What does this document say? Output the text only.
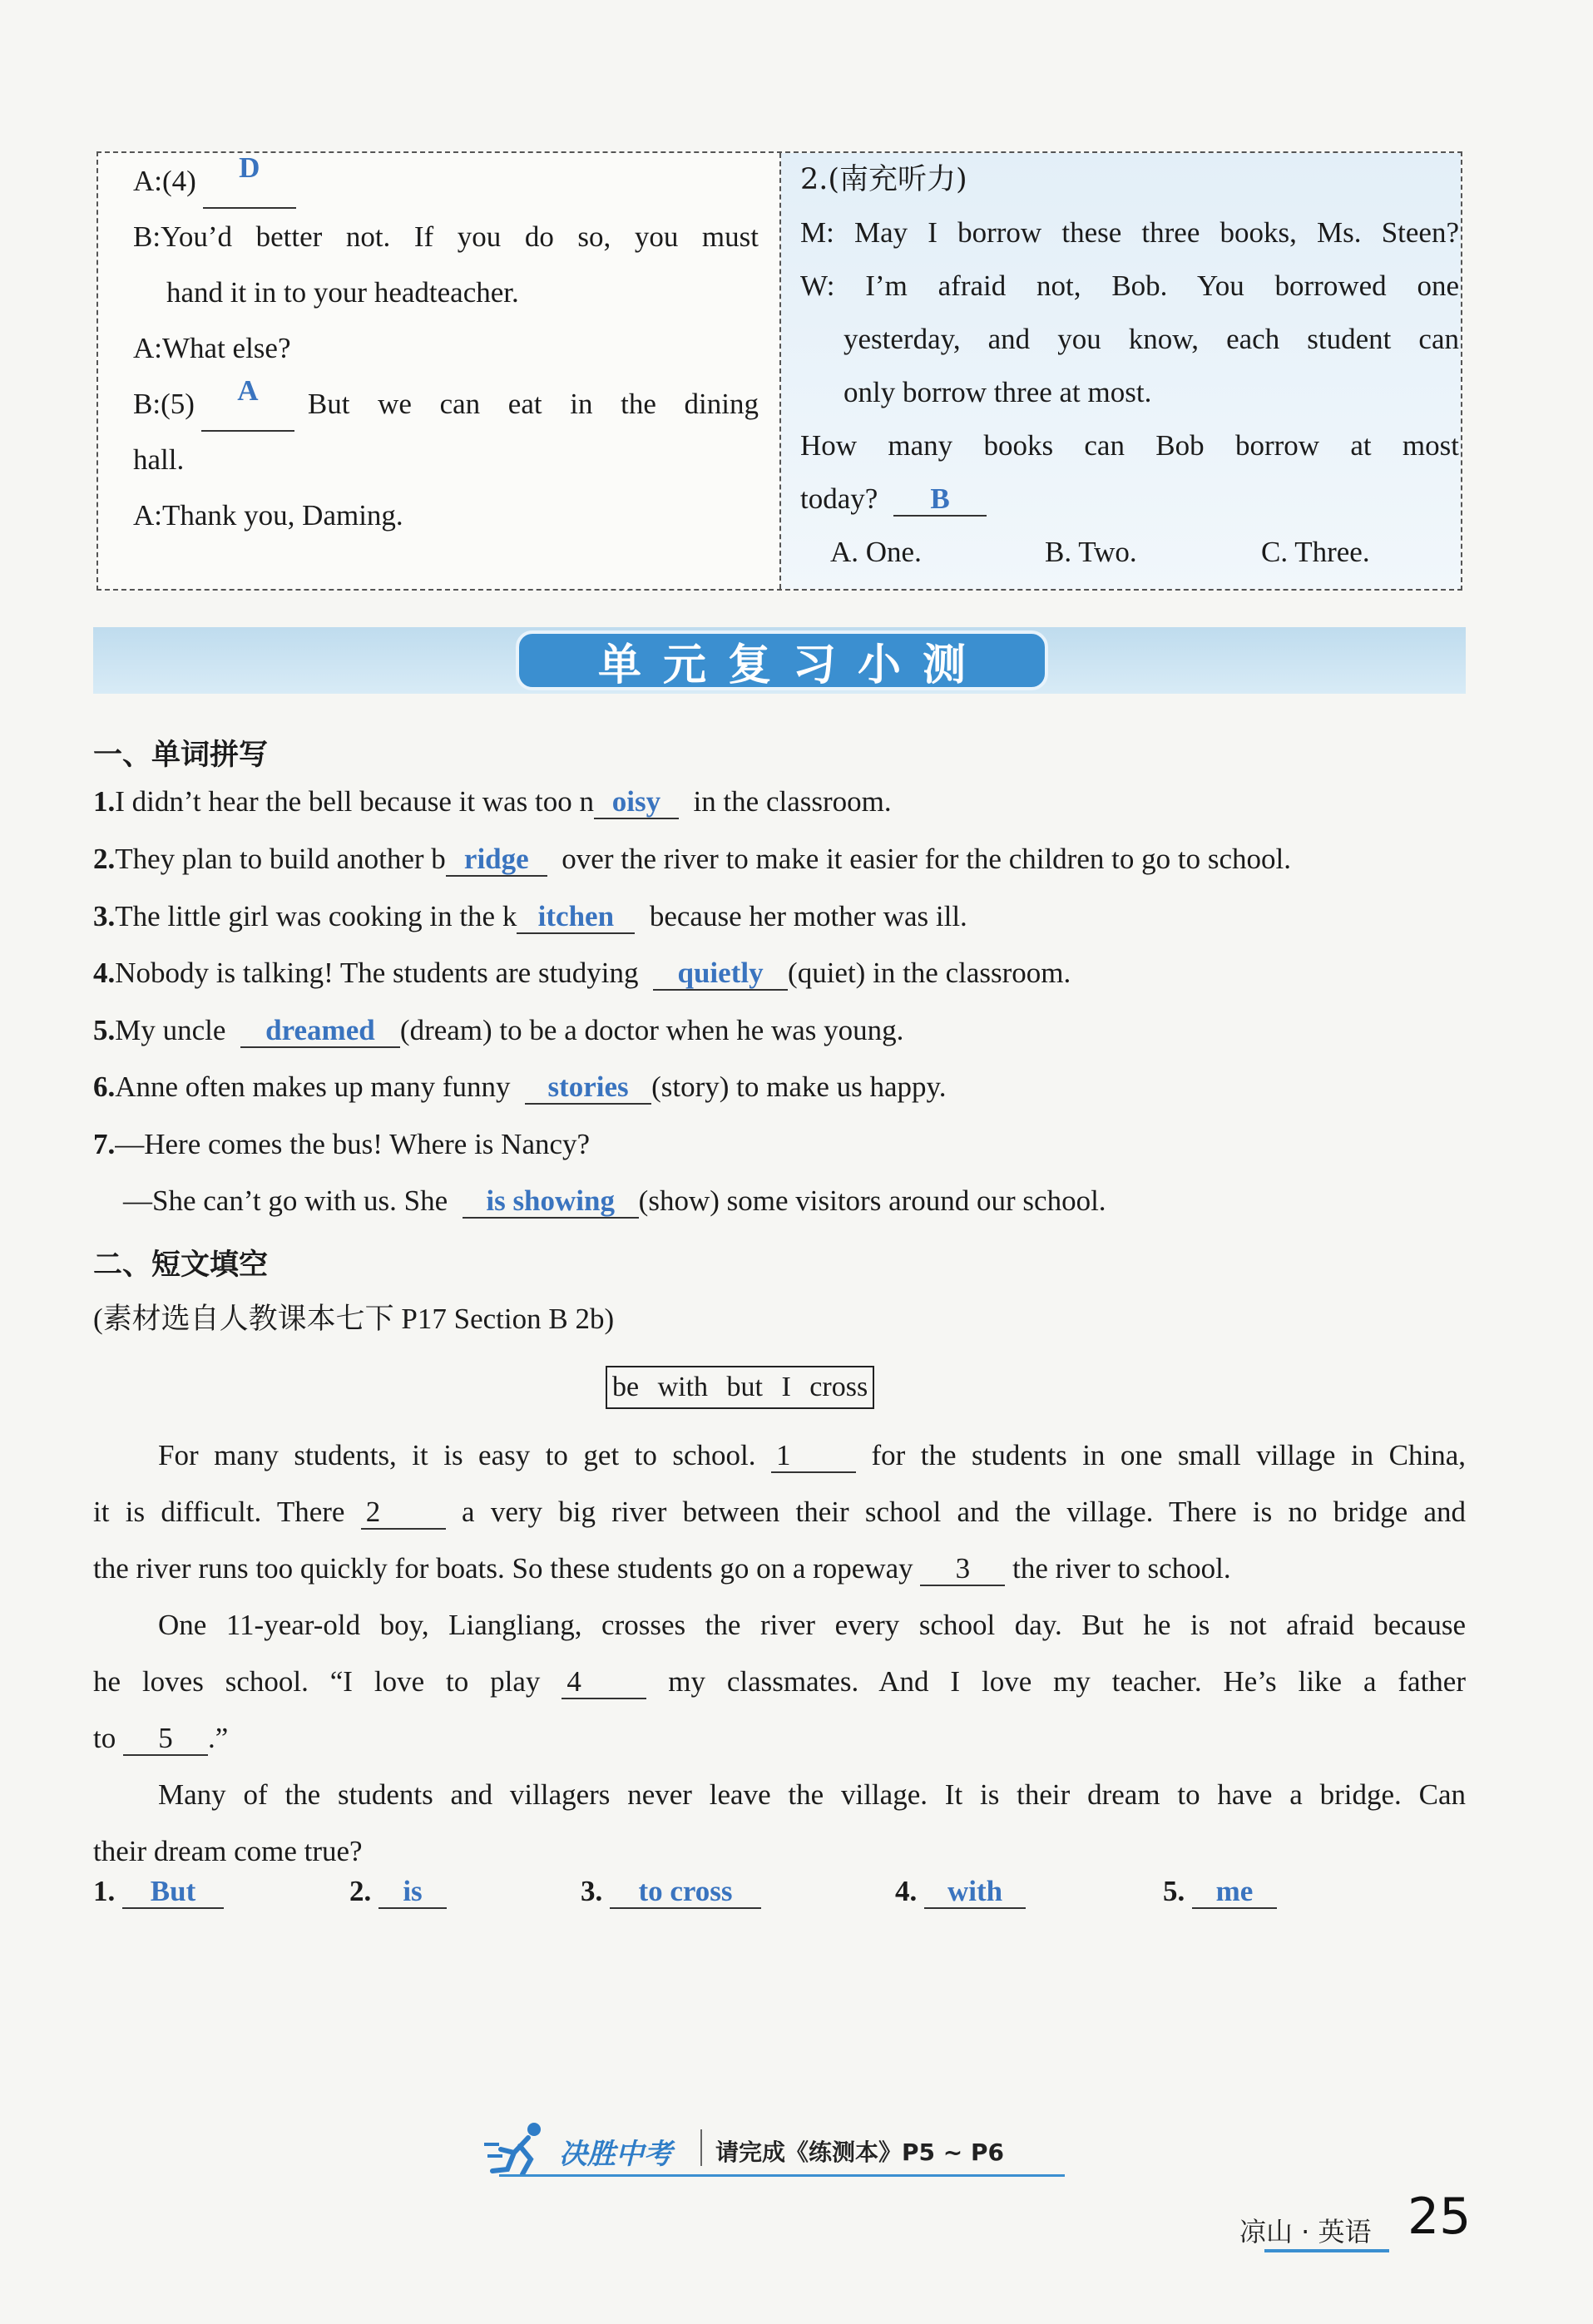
A: (4)	D
B: You’d better not. If you do so, you must
hand it in to your headteacher.
A: What else?
B: (5)	A	But we can eat in the dining
hall.
A: Thank you, Daming.
2.(南充听力)
M: May I borrow these three books, Ms. Steen?
W: I’m afraid not, Bob. You borrowed one
yesterday, and you know, each student can
only borrow three at most.
How many books can Bob borrow at most
today? B
A. One.	B. Two.	C. Three.
单元复习小测
一、单词拼写
1.I didn’t hear the bell because it was too n oisy in the classroom.
2.They plan to build another b ridge over the river to make it easier for the children to go to school.
3.The little girl was cooking in the k itchen because her mother was ill.
4.Nobody is talking! The students are studying quietly (quiet) in the classroom.
5.My uncle dreamed (dream) to be a doctor when he was young.
6.Anne often makes up many funny stories (story) to make us happy.
7.—Here comes the bus! Where is Nancy?
—She can’t go with us. She is showing (show) some visitors around our school.
二、短文填空
(素材选自人教课本七下 P17 Section B 2b)
be with but I cross
For many students, it is easy to get to school. 1	for the students in one small village in China,
it is difficult. There 2	a very big river between their school and the village. There is no bridge and
the river runs too quickly for boats. So these students go on a ropeway 3 the river to school.
One 11-year-old boy, Liangliang, crosses the river every school day. But he is not afraid because
he loves school. “I love to play 4	my classmates. And I love my teacher. He’s like a father
to 5 .”
Many of the students and villagers never leave the village. It is their dream to have a bridge. Can
their dream come true?
1. But	2. is	3. to cross	4. with	5. me
决胜中考 请完成《练测本》P5 ~ P6
凉山 · 英语 25
